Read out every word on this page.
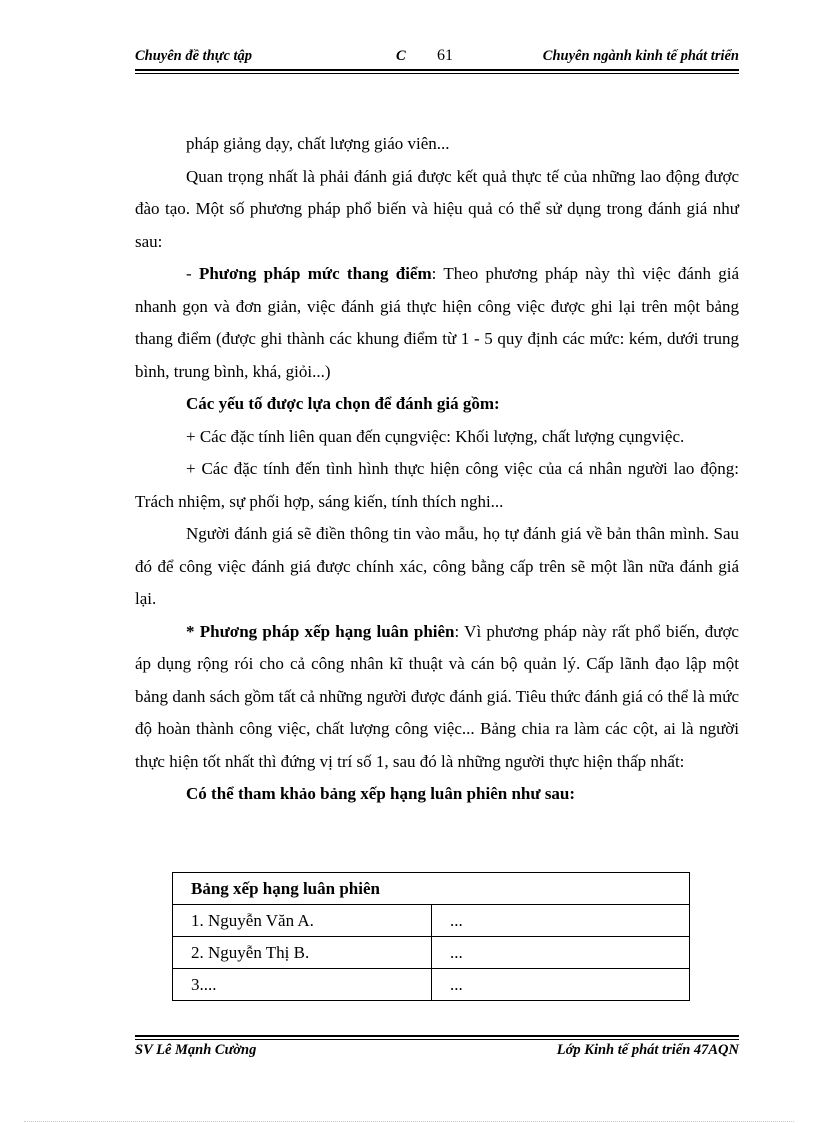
Chuyên đề thực tập	C 61	Chuyên ngành kinh tế phát triển

pháp giảng dạy, chất lượng giáo viên...

Quan trọng nhất là phải đánh giá được kết quả thực tế của những lao động được đào tạo. Một số phương pháp phổ biến và hiệu quả có thể sử dụng trong đánh giá như sau:

- Phương pháp mức thang điểm: Theo phương pháp này thì việc đánh giá nhanh gọn và đơn giản, việc đánh giá thực hiện công việc được ghi lại trên một bảng thang điểm (được ghi thành các khung điểm từ 1 - 5 quy định các mức: kém, dưới trung bình, trung bình, khá, giỏi...)

Các yếu tố được lựa chọn để đánh giá gồm:

+ Các đặc tính liên quan đến cụngviệc: Khối lượng, chất lượng cụngviệc.

+ Các đặc tính đến tình hình thực hiện công việc của cá nhân người lao động: Trách nhiệm, sự phối hợp, sáng kiến, tính thích nghi...

Người đánh giá sẽ điền thông tin vào mẫu, họ tự đánh giá về bản thân mình. Sau đó để công việc đánh giá được chính xác, công bằng cấp trên sẽ một lần nữa đánh giá lại.

* Phương pháp xếp hạng luân phiên: Vì phương pháp này rất phổ biến, được áp dụng rộng rói cho cả công nhân kĩ thuật và cán bộ quản lý. Cấp lãnh đạo lập một bảng danh sách gồm tất cả những người được đánh giá. Tiêu thức đánh giá có thể là mức độ hoàn thành công việc, chất lượng công việc... Bảng chia ra làm các cột, ai là người thực hiện tốt nhất thì đứng vị trí số 1, sau đó là những người thực hiện thấp nhất:

Có thể tham khảo bảng xếp hạng luân phiên như sau:

Bảng xếp hạng luân phiên	
1. Nguyễn Văn A.	...
2. Nguyễn Thị B.	...
3....	...
SV Lê Mạnh Cường	Lớp Kinh tế phát triển 47AQN
